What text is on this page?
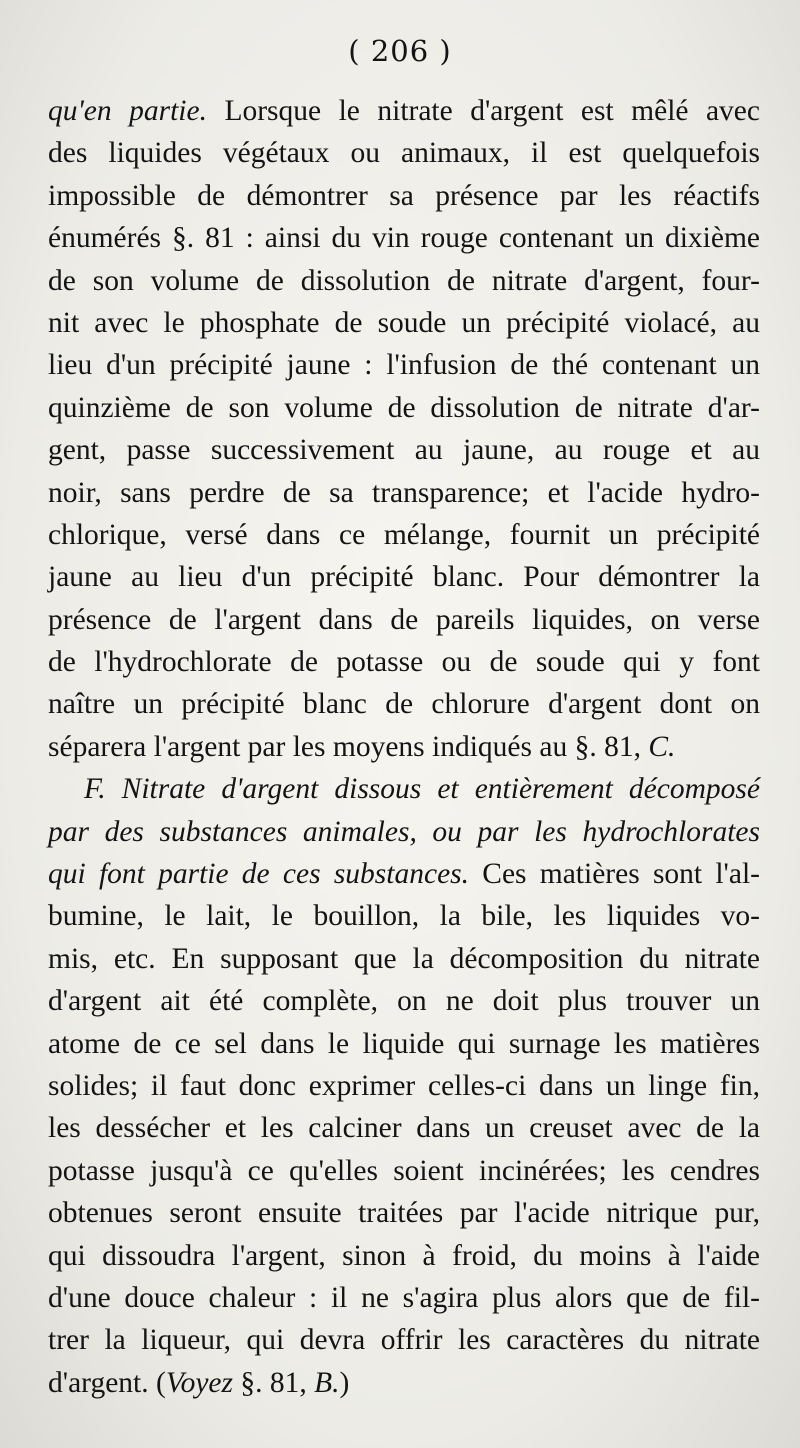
( 206 )
qu'en partie. Lorsque le nitrate d'argent est mêlé avec
des liquides végétaux ou animaux, il est quelquefois
impossible de démontrer sa présence par les réactifs
énumérés §. 81 : ainsi du vin rouge contenant un dixième
de son volume de dissolution de nitrate d'argent, four-
nit avec le phosphate de soude un précipité violacé, au
lieu d'un précipité jaune : l'infusion de thé contenant un
quinzième de son volume de dissolution de nitrate d'ar-
gent, passe successivement au jaune, au rouge et au
noir, sans perdre de sa transparence; et l'acide hydro-
chlorique, versé dans ce mélange, fournit un précipité
jaune au lieu d'un précipité blanc. Pour démontrer la
présence de l'argent dans de pareils liquides, on verse
de l'hydrochlorate de potasse ou de soude qui y font
naître un précipité blanc de chlorure d'argent dont on
séparera l'argent par les moyens indiqués au §. 81, C.
F. Nitrate d'argent dissous et entièrement décomposé
par des substances animales, ou par les hydrochlorates
qui font partie de ces substances. Ces matières sont l'al-
bumine, le lait, le bouillon, la bile, les liquides vo-
mis, etc. En supposant que la décomposition du nitrate
d'argent ait été complète, on ne doit plus trouver un
atome de ce sel dans le liquide qui surnage les matières
solides; il faut donc exprimer celles-ci dans un linge fin,
les dessécher et les calciner dans un creuset avec de la
potasse jusqu'à ce qu'elles soient incinérées; les cendres
obtenues seront ensuite traitées par l'acide nitrique pur,
qui dissoudra l'argent, sinon à froid, du moins à l'aide
d'une douce chaleur : il ne s'agira plus alors que de fil-
trer la liqueur, qui devra offrir les caractères du nitrate
d'argent. (Voyez §. 81, B.)
